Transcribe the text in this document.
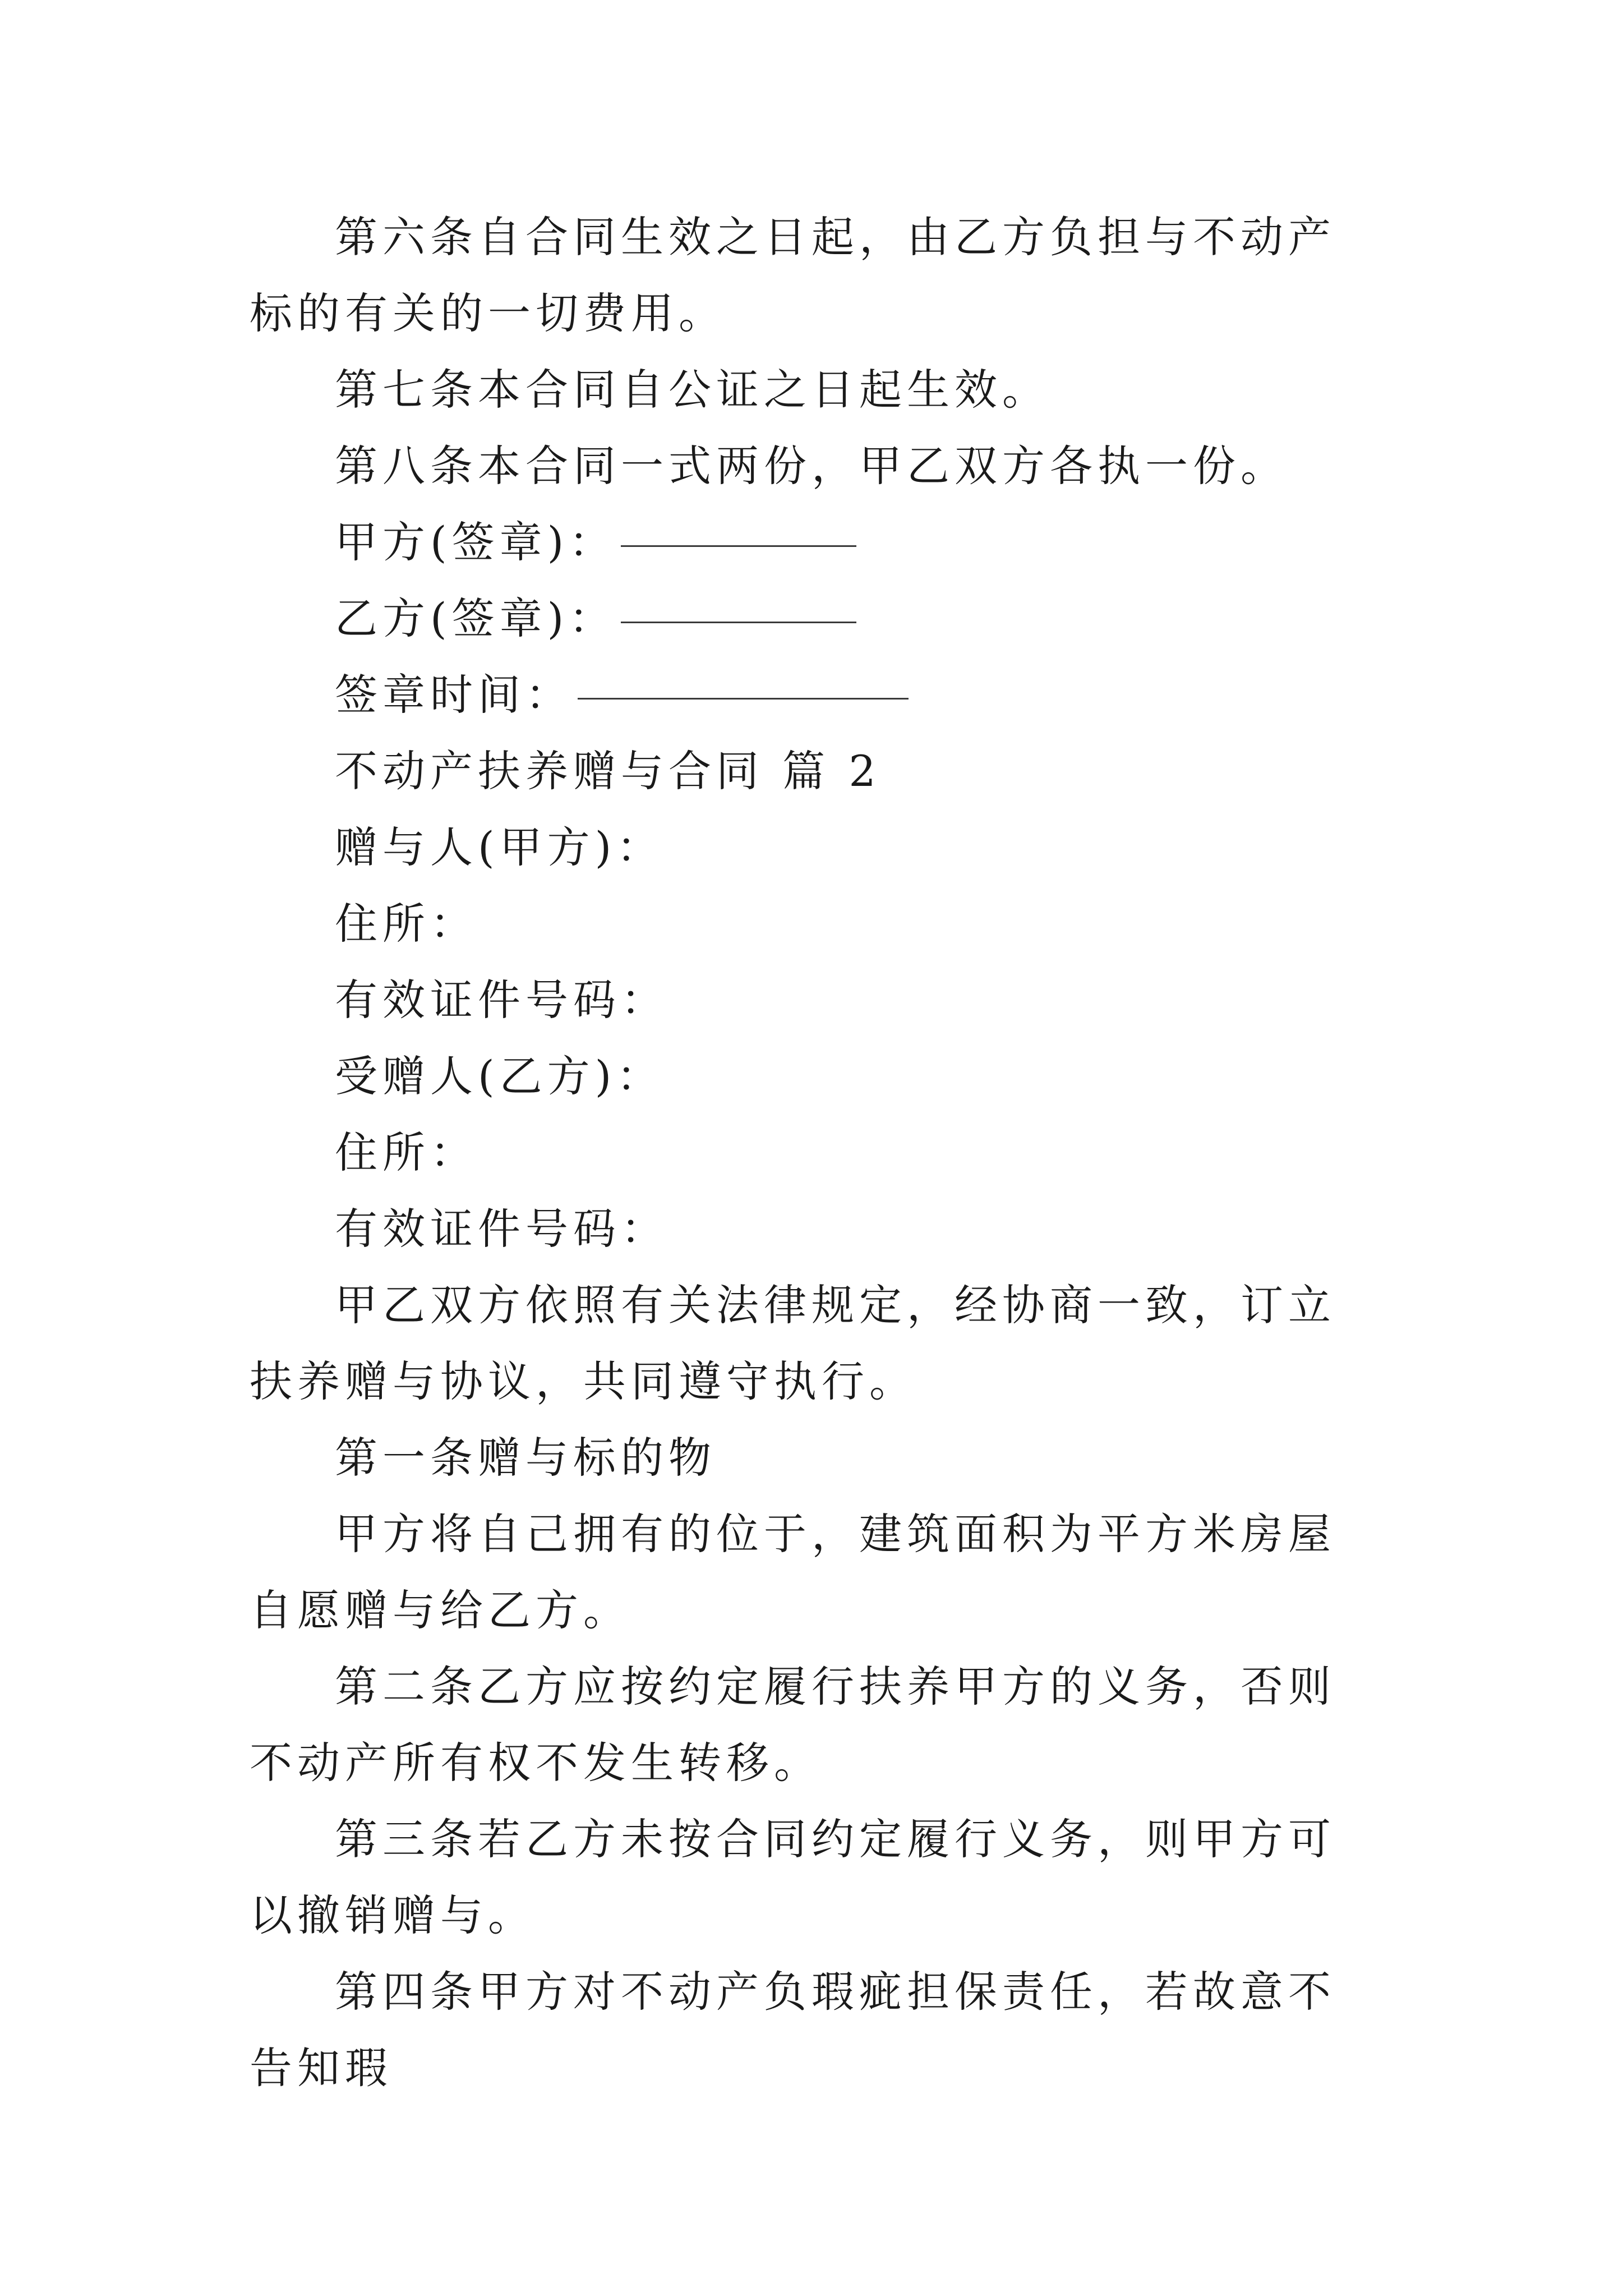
第六条自合同生效之日起，由乙方负担与不动产标的有关的一切费用。

第七条本合同自公证之日起生效。

第八条本合同一式两份，甲乙双方各执一份。

甲方(签章)：

乙方(签章)：

签章时间：

不动产扶养赠与合同 篇 2

赠与人(甲方)：

住所：

有效证件号码：

受赠人(乙方)：

住所：

有效证件号码：

甲乙双方依照有关法律规定，经协商一致，订立扶养赠与协议，共同遵守执行。

第一条赠与标的物

甲方将自己拥有的位于，建筑面积为平方米房屋自愿赠与给乙方。

第二条乙方应按约定履行扶养甲方的义务，否则不动产所有权不发生转移。

第三条若乙方未按合同约定履行义务，则甲方可以撤销赠与。

第四条甲方对不动产负瑕疵担保责任，若故意不告知瑕
